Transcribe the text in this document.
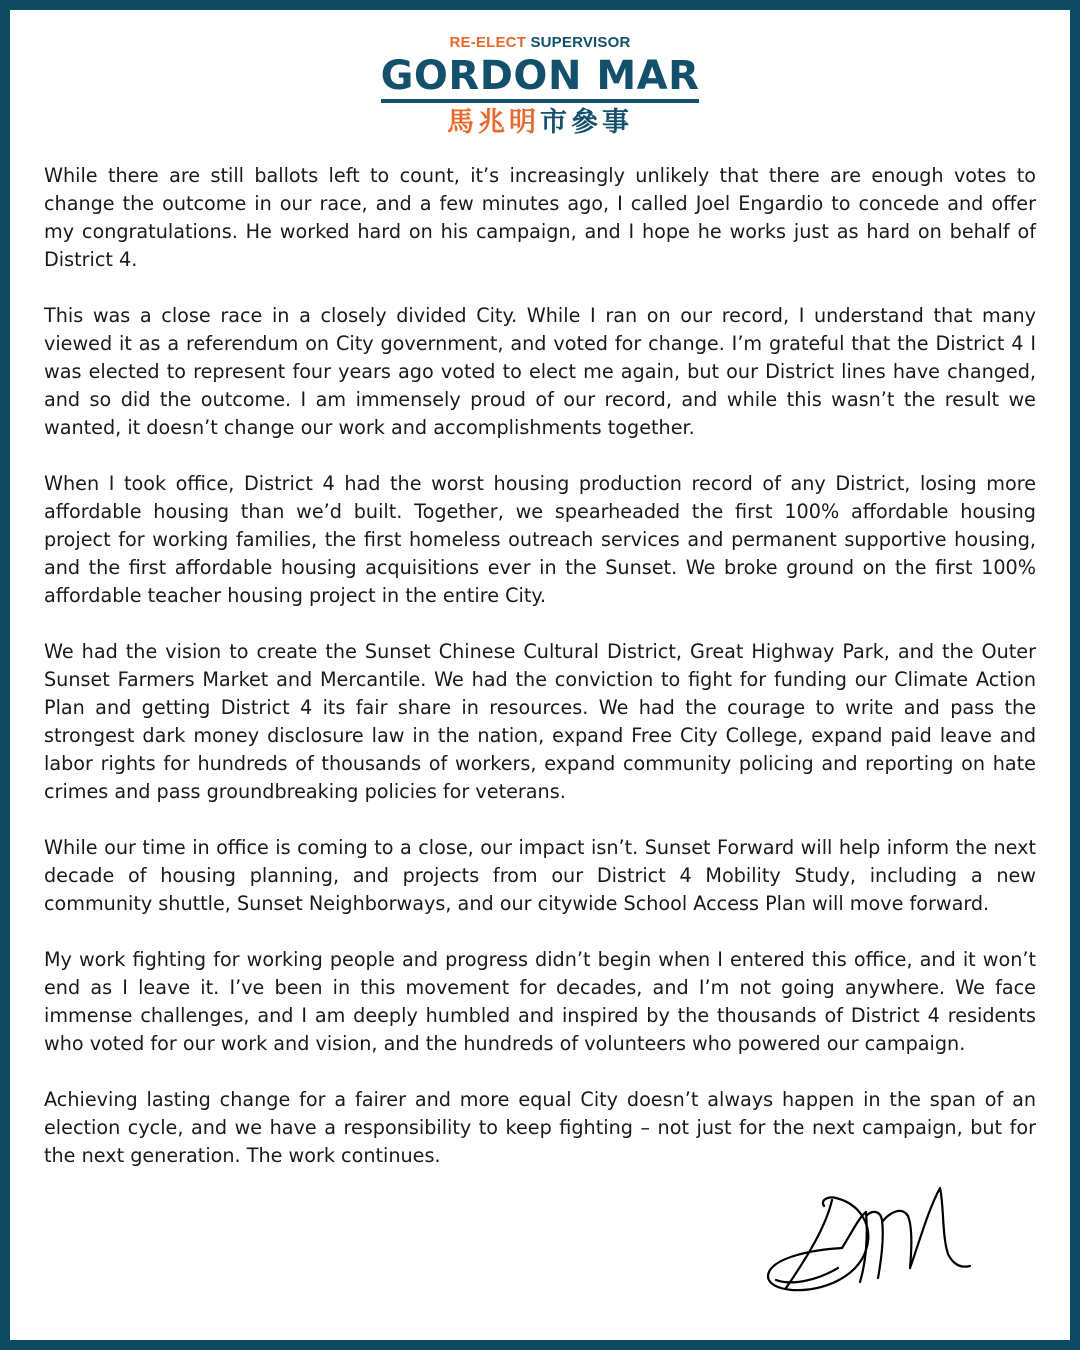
RE-ELECT SUPERVISOR
GORDON MAR
馬兆明市參事

While there are still ballots left to count, it’s increasingly unlikely that there are enough votes to change the outcome in our race, and a few minutes ago, I called Joel Engardio to concede and offer my congratulations. He worked hard on his campaign, and I hope he works just as hard on behalf of District 4.

This was a close race in a closely divided City. While I ran on our record, I understand that many viewed it as a referendum on City government, and voted for change. I’m grateful that the District 4 I was elected to represent four years ago voted to elect me again, but our District lines have changed, and so did the outcome. I am immensely proud of our record, and while this wasn’t the result we wanted, it doesn’t change our work and accomplishments together.

When I took office, District 4 had the worst housing production record of any District, losing more affordable housing than we’d built. Together, we spearheaded the first 100% affordable housing project for working families, the first homeless outreach services and permanent supportive housing, and the first affordable housing acquisitions ever in the Sunset. We broke ground on the first 100% affordable teacher housing project in the entire City.

We had the vision to create the Sunset Chinese Cultural District, Great Highway Park, and the Outer Sunset Farmers Market and Mercantile. We had the conviction to fight for funding our Climate Action Plan and getting District 4 its fair share in resources. We had the courage to write and pass the strongest dark money disclosure law in the nation, expand Free City College, expand paid leave and labor rights for hundreds of thousands of workers, expand community policing and reporting on hate crimes and pass groundbreaking policies for veterans.

While our time in office is coming to a close, our impact isn’t. Sunset Forward will help inform the next decade of housing planning, and projects from our District 4 Mobility Study, including a new community shuttle, Sunset Neighborways, and our citywide School Access Plan will move forward.

My work fighting for working people and progress didn’t begin when I entered this office, and it won’t end as I leave it. I’ve been in this movement for decades, and I’m not going anywhere. We face immense challenges, and I am deeply humbled and inspired by the thousands of District 4 residents who voted for our work and vision, and the hundreds of volunteers who powered our campaign.

Achieving lasting change for a fairer and more equal City doesn’t always happen in the span of an election cycle, and we have a responsibility to keep fighting – not just for the next campaign, but for the next generation. The work continues.
